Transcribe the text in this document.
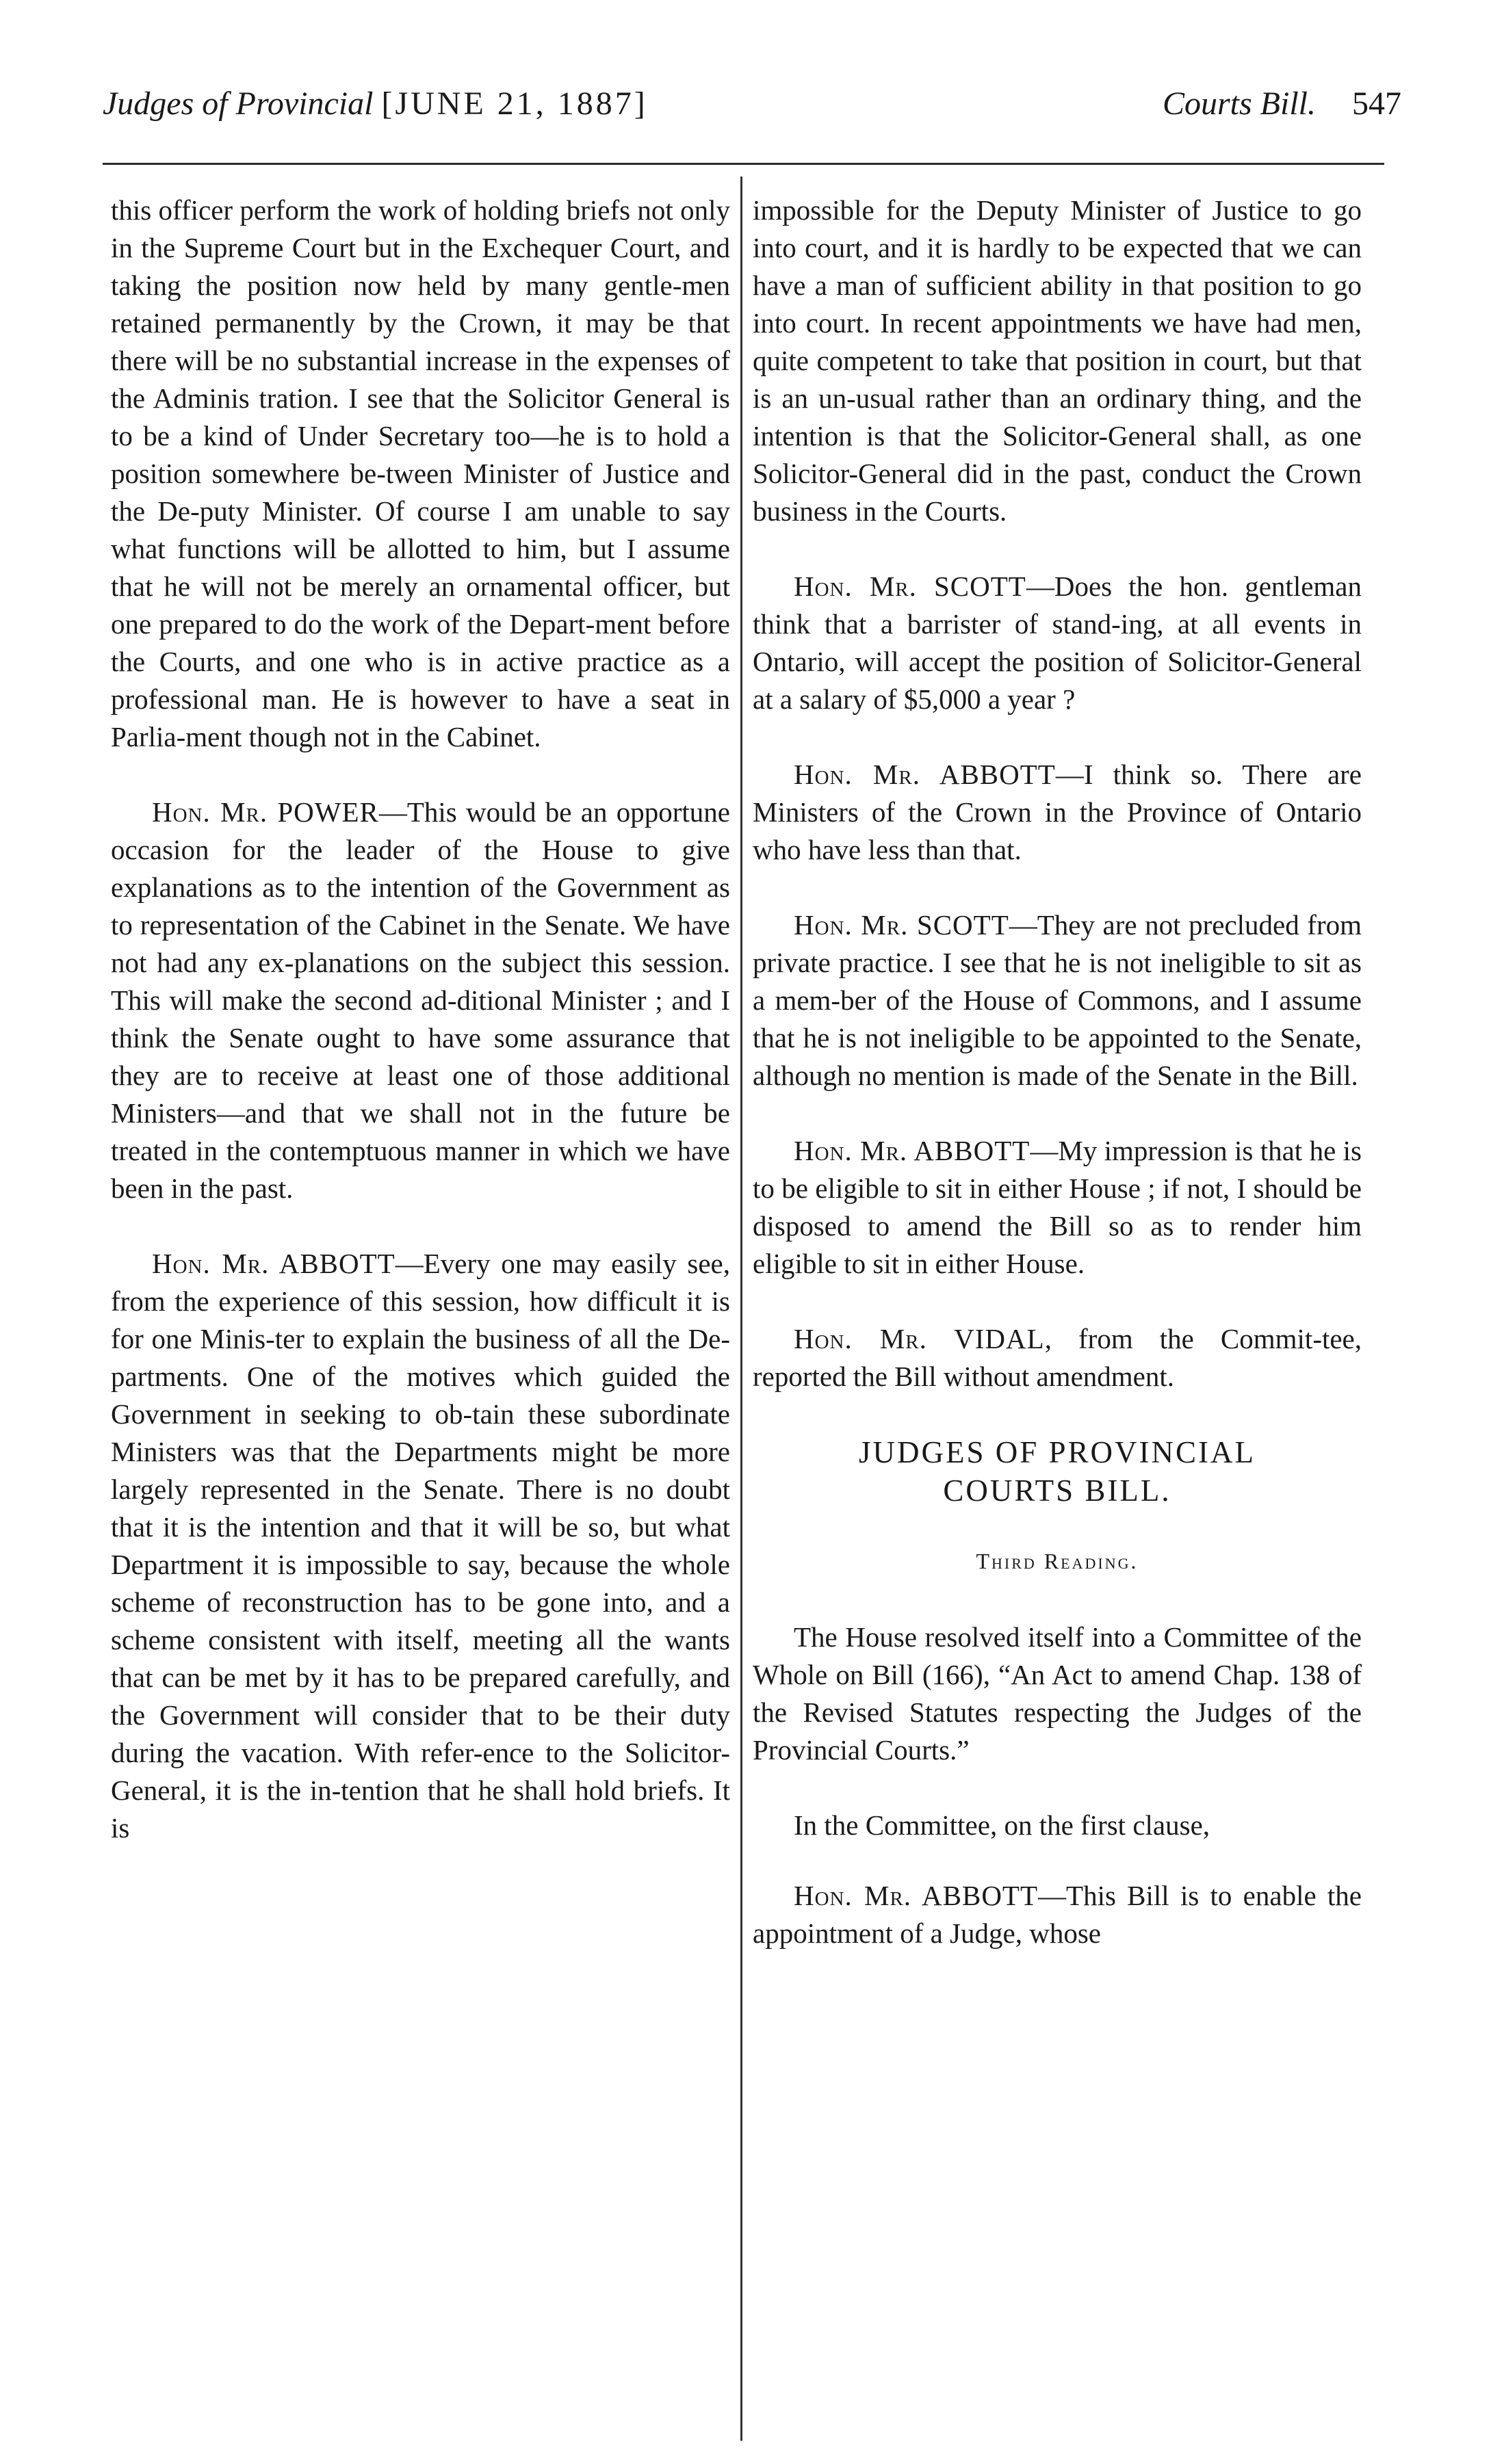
Judges of Provincial [JUNE 21, 1887]	Courts Bill. 547

this officer perform the work of holding briefs not only in the Supreme Court but in the Exchequer Court, and taking the position now held by many gentle-men retained permanently by the Crown, it may be that there will be no substantial increase in the expenses of the Adminis tration. I see that the Solicitor General is to be a kind of Under Secretary too—he is to hold a position somewhere be-tween Minister of Justice and the De-puty Minister. Of course I am unable to say what functions will be allotted to him, but I assume that he will not be merely an ornamental officer, but one prepared to do the work of the Depart-ment before the Courts, and one who is in active practice as a professional man. He is however to have a seat in Parlia-ment though not in the Cabinet.

Hon. Mr. POWER—This would be an opportune occasion for the leader of the House to give explanations as to the intention of the Government as to representation of the Cabinet in the Senate. We have not had any ex-planations on the subject this session. This will make the second ad-ditional Minister ; and I think the Senate ought to have some assurance that they are to receive at least one of those additional Ministers—and that we shall not in the future be treated in the contemptuous manner in which we have been in the past.

Hon. Mr. ABBOTT—Every one may easily see, from the experience of this session, how difficult it is for one Minis-ter to explain the business of all the De-partments. One of the motives which guided the Government in seeking to ob-tain these subordinate Ministers was that the Departments might be more largely represented in the Senate. There is no doubt that it is the intention and that it will be so, but what Department it is impossible to say, because the whole scheme of reconstruction has to be gone into, and a scheme consistent with itself, meeting all the wants that can be met by it has to be prepared carefully, and the Government will consider that to be their duty during the vacation. With refer-ence to the Solicitor-General, it is the in-tention that he shall hold briefs. It is

impossible for the Deputy Minister of Justice to go into court, and it is hardly to be expected that we can have a man of sufficient ability in that position to go into court. In recent appointments we have had men, quite competent to take that position in court, but that is an un-usual rather than an ordinary thing, and the intention is that the Solicitor-General shall, as one Solicitor-General did in the past, conduct the Crown business in the Courts.

Hon. Mr. SCOTT—Does the hon. gentleman think that a barrister of stand-ing, at all events in Ontario, will accept the position of Solicitor-General at a salary of $5,000 a year ?

Hon. Mr. ABBOTT—I think so. There are Ministers of the Crown in the Province of Ontario who have less than that.

Hon. Mr. SCOTT—They are not precluded from private practice. I see that he is not ineligible to sit as a mem-ber of the House of Commons, and I assume that he is not ineligible to be appointed to the Senate, although no mention is made of the Senate in the Bill.

Hon. Mr. ABBOTT—My impression is that he is to be eligible to sit in either House ; if not, I should be disposed to amend the Bill so as to render him eligible to sit in either House.

Hon. Mr. VIDAL, from the Commit-tee, reported the Bill without amendment.

JUDGES OF PROVINCIAL
COURTS BILL.
Third Reading.

The House resolved itself into a Committee of the Whole on Bill (166), “An Act to amend Chap. 138 of the Revised Statutes respecting the Judges of the Provincial Courts.”

In the Committee, on the first clause,

Hon. Mr. ABBOTT—This Bill is to enable the appointment of a Judge, whose
